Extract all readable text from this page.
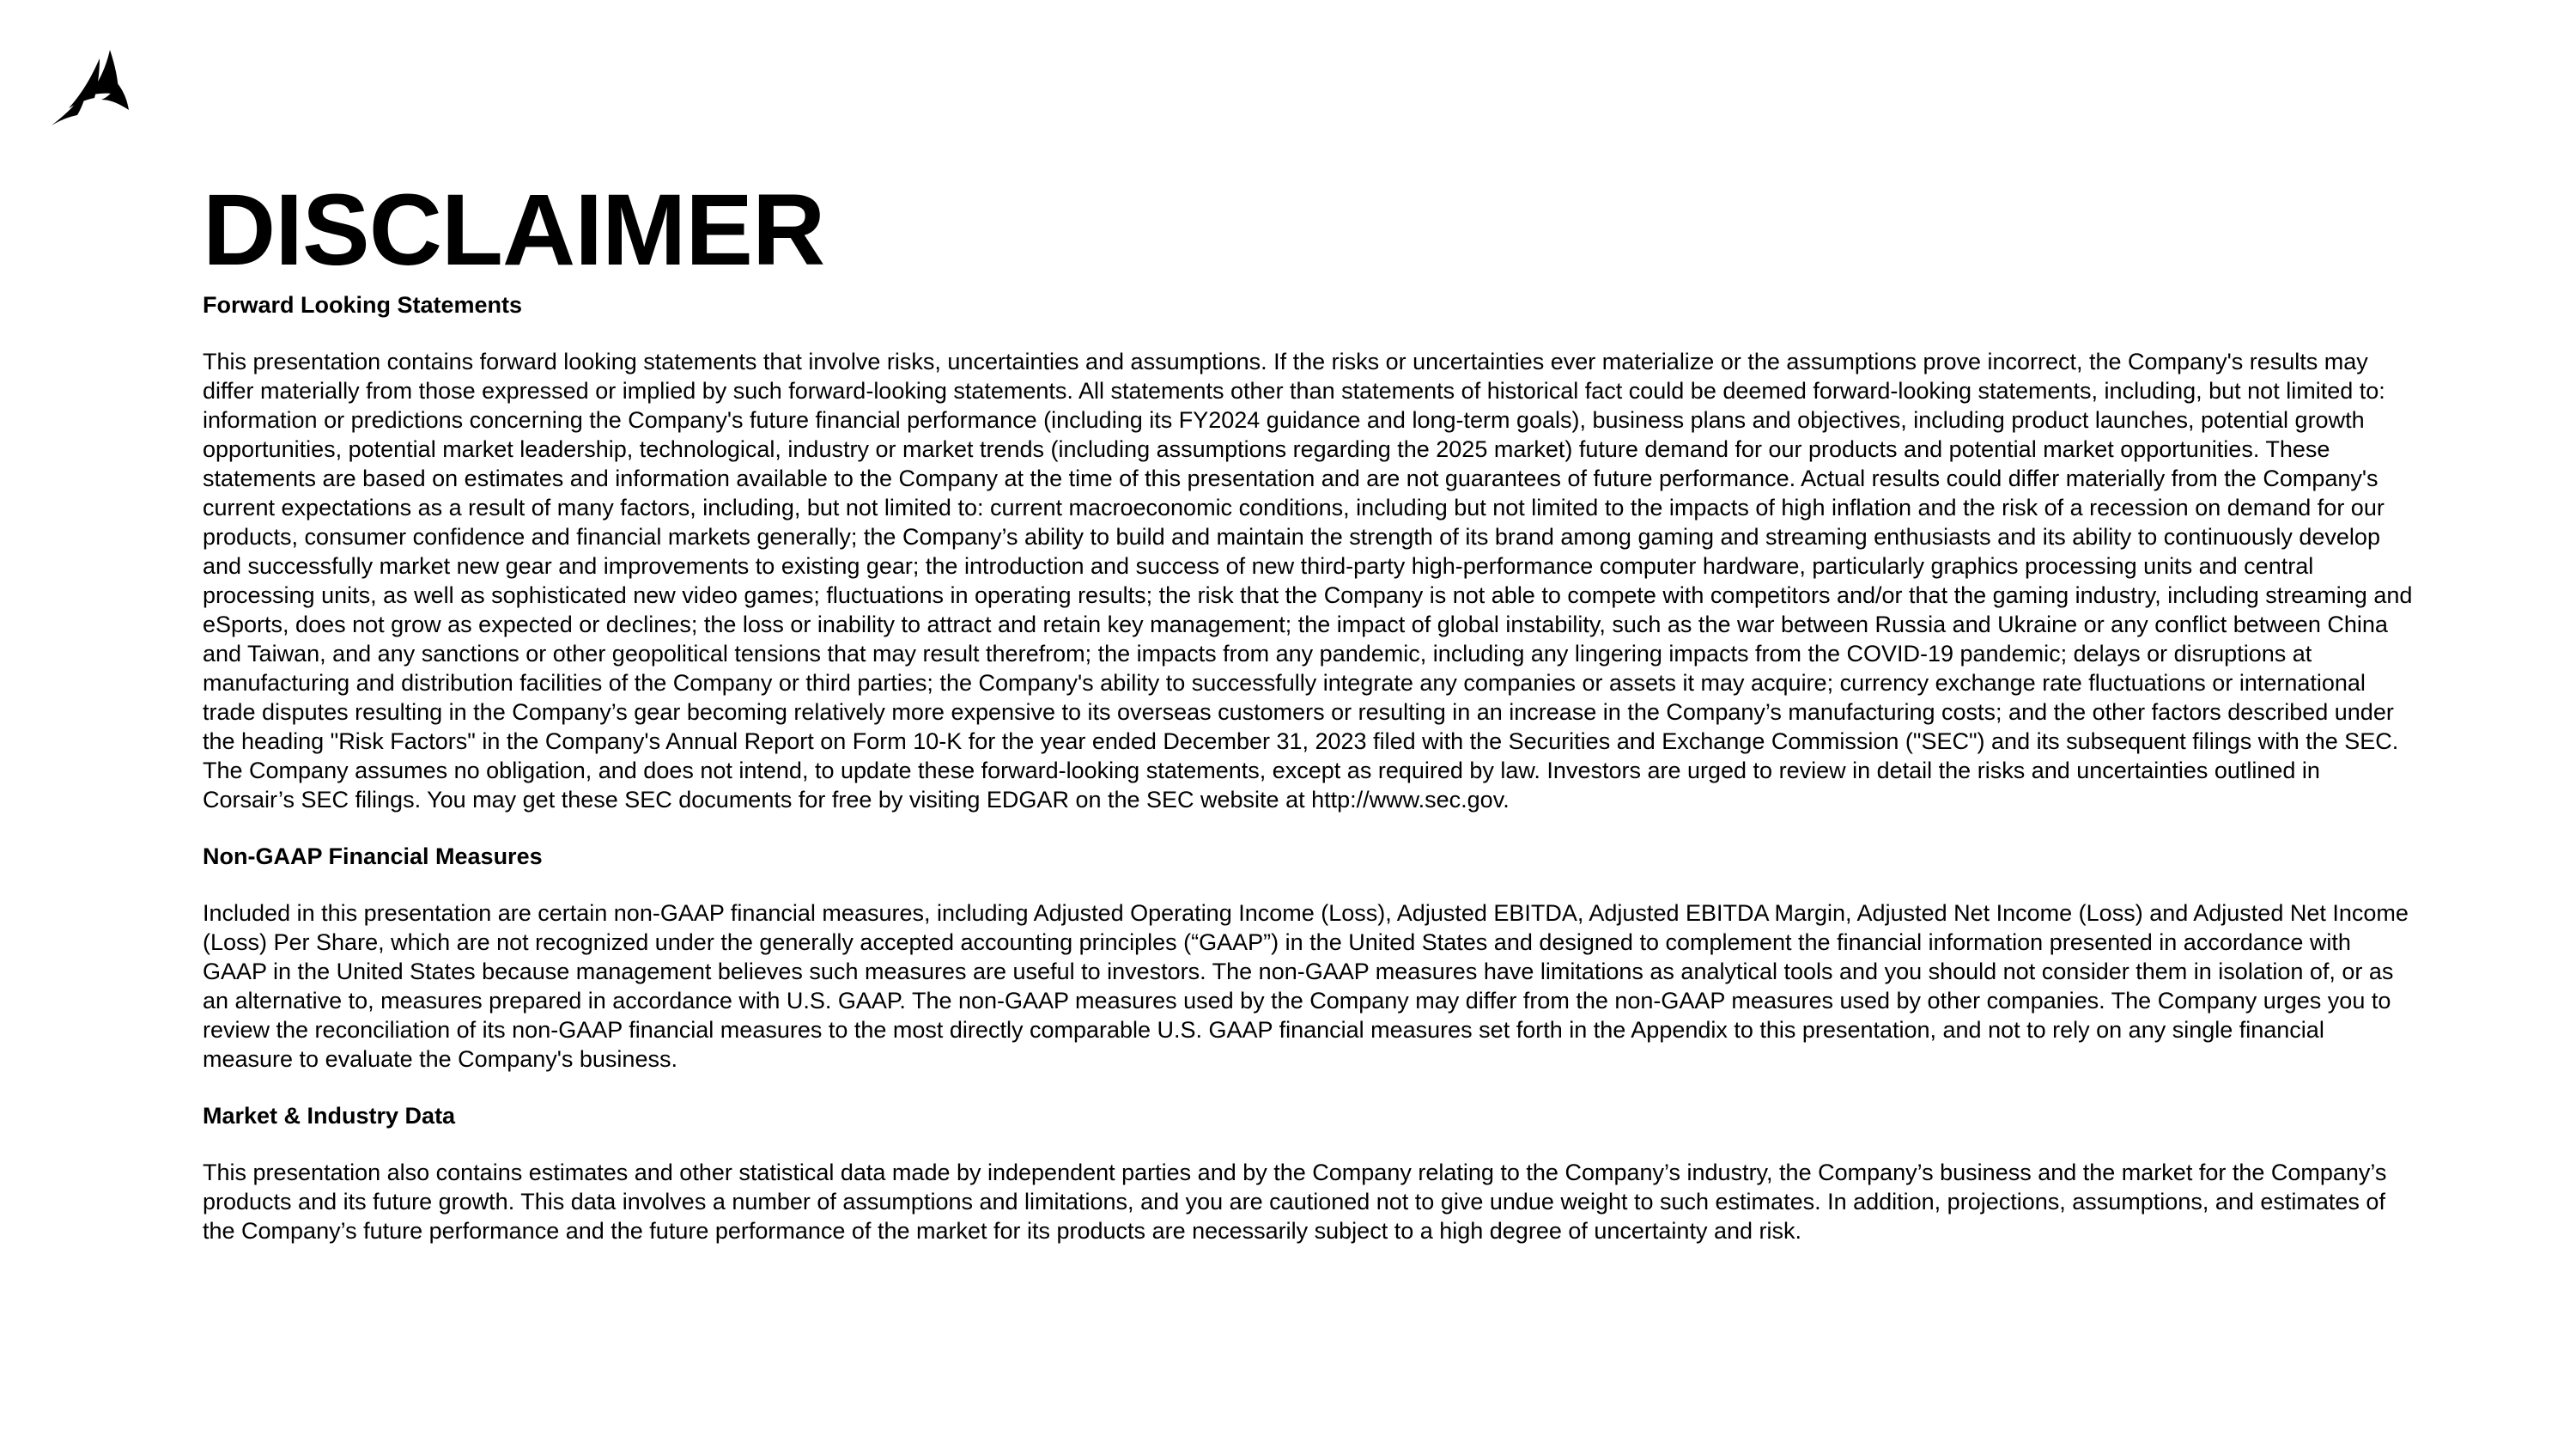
DISCLAIMER
Forward Looking Statements

This presentation contains forward looking statements that involve risks, uncertainties and assumptions. If the risks or uncertainties ever materialize or the assumptions prove incorrect, the Company's results may differ materially from those expressed or implied by such forward-looking statements. All statements other than statements of historical fact could be deemed forward-looking statements, including, but not limited to: information or predictions concerning the Company's future financial performance (including its FY2024 guidance and long-term goals), business plans and objectives, including product launches, potential growth opportunities, potential market leadership, technological, industry or market trends (including assumptions regarding the 2025 market) future demand for our products and potential market opportunities. These statements are based on estimates and information available to the Company at the time of this presentation and are not guarantees of future performance. Actual results could differ materially from the Company's current expectations as a result of many factors, including, but not limited to: current macroeconomic conditions, including but not limited to the impacts of high inflation and the risk of a recession on demand for our products, consumer confidence and financial markets generally; the Company’s ability to build and maintain the strength of its brand among gaming and streaming enthusiasts and its ability to continuously develop and successfully market new gear and improvements to existing gear; the introduction and success of new third-party high-performance computer hardware, particularly graphics processing units and central processing units, as well as sophisticated new video games; fluctuations in operating results; the risk that the Company is not able to compete with competitors and/or that the gaming industry, including streaming and eSports, does not grow as expected or declines; the loss or inability to attract and retain key management; the impact of global instability, such as the war between Russia and Ukraine or any conflict between China and Taiwan, and any sanctions or other geopolitical tensions that may result therefrom; the impacts from any pandemic, including any lingering impacts from the COVID-19 pandemic; delays or disruptions at manufacturing and distribution facilities of the Company or third parties; the Company's ability to successfully integrate any companies or assets it may acquire; currency exchange rate fluctuations or international trade disputes resulting in the Company’s gear becoming relatively more expensive to its overseas customers or resulting in an increase in the Company’s manufacturing costs; and the other factors described under the heading "Risk Factors" in the Company's Annual Report on Form 10-K for the year ended December 31, 2023 filed with the Securities and Exchange Commission ("SEC") and its subsequent filings with the SEC. The Company assumes no obligation, and does not intend, to update these forward-looking statements, except as required by law. Investors are urged to review in detail the risks and uncertainties outlined in Corsair’s SEC filings. You may get these SEC documents for free by visiting EDGAR on the SEC website at http://www.sec.gov.

Non-GAAP Financial Measures

Included in this presentation are certain non-GAAP financial measures, including Adjusted Operating Income (Loss), Adjusted EBITDA, Adjusted EBITDA Margin, Adjusted Net Income (Loss) and Adjusted Net Income (Loss) Per Share, which are not recognized under the generally accepted accounting principles (“GAAP”) in the United States and designed to complement the financial information presented in accordance with GAAP in the United States because management believes such measures are useful to investors. The non-GAAP measures have limitations as analytical tools and you should not consider them in isolation of, or as an alternative to, measures prepared in accordance with U.S. GAAP. The non-GAAP measures used by the Company may differ from the non-GAAP measures used by other companies. The Company urges you to review the reconciliation of its non-GAAP financial measures to the most directly comparable U.S. GAAP financial measures set forth in the Appendix to this presentation, and not to rely on any single financial measure to evaluate the Company's business.

Market & Industry Data

This presentation also contains estimates and other statistical data made by independent parties and by the Company relating to the Company’s industry, the Company’s business and the market for the Company’s products and its future growth. This data involves a number of assumptions and limitations, and you are cautioned not to give undue weight to such estimates. In addition, projections, assumptions, and estimates of the Company’s future performance and the future performance of the market for its products are necessarily subject to a high degree of uncertainty and risk.
